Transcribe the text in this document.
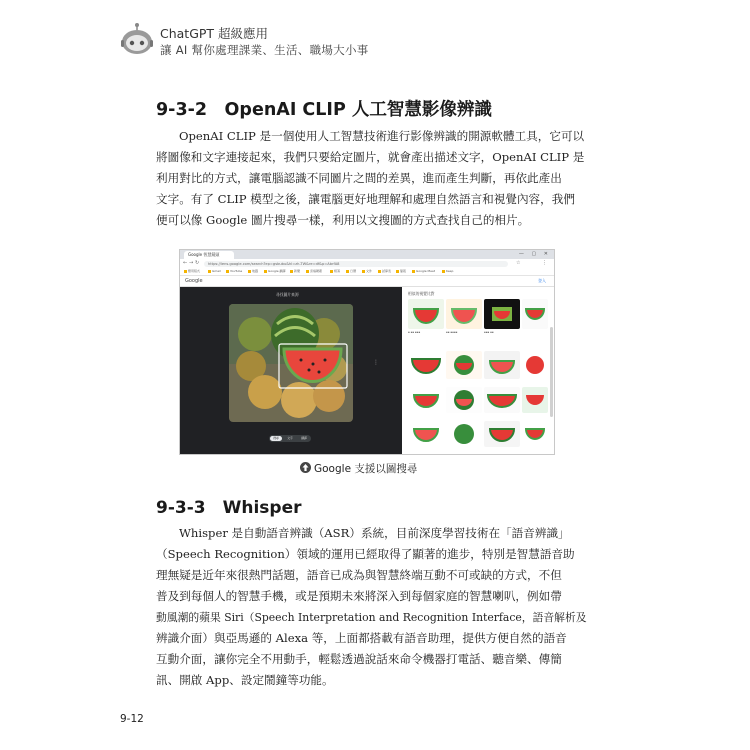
ChatGPT 超級應用
讓 AI 幫你處理課業、生活、職場大小事
9-3-2　OpenAI CLIP 人工智慧影像辨識
OpenAI CLIP 是一個使用人工智慧技術進行影像辨識的開源軟體工具，它可以
將圖像和文字連接起來，我們只要給定圖片，就會產出描述文字，OpenAI CLIP 是
利用對比的方式，讓電腦認識不同圖片之間的差異，進而產生判斷，再依此產出
文字。有了 CLIP 模型之後，讓電腦更好地理解和處理自然語言和視覺內容，我們
便可以像 Google 圖片搜尋一樣，利用以文搜圖的方式查找自己的相片。
Google 智慧鏡頭	— ▢ ✕
← → ↻	https://lens.google.com/search?ep=gsbubu&hl=zh-TW&re=df&p=AbrfA8	☆	⋮
應用程式	Gmail	YouTube	地圖	Google 翻譯	新聞	雲端硬碟	相簿	日曆	文件	試算表	簡報	Google Meet	Keep
Google	登入
尋找圖片來源
⋮
搜尋	文字	翻譯
相似的視覺比對
▪ ▪▪ ▪▪▪	▪▪ ▪▪▪▪	▪▪▪ ▪▪
Google 支援以圖搜尋
9-3-3　Whisper
Whisper 是自動語音辨識（ASR）系統，目前深度學習技術在「語音辨識」
（Speech Recognition）領域的運用已經取得了顯著的進步，特別是智慧語音助
理無疑是近年來很熱門話題，語音已成為與智慧終端互動不可或缺的方式，不但
普及到每個人的智慧手機，或是預期未來將深入到每個家庭的智慧喇叭，例如帶
動風潮的蘋果 Siri（Speech Interpretation and Recognition Interface，語音解析及
辨識介面）與亞馬遜的 Alexa 等，上面都搭載有語音助理，提供方便自然的語音
互動介面，讓你完全不用動手，輕鬆透過說話來命令機器打電話、聽音樂、傳簡
訊、開啟 App、設定鬧鐘等功能。
9-12
